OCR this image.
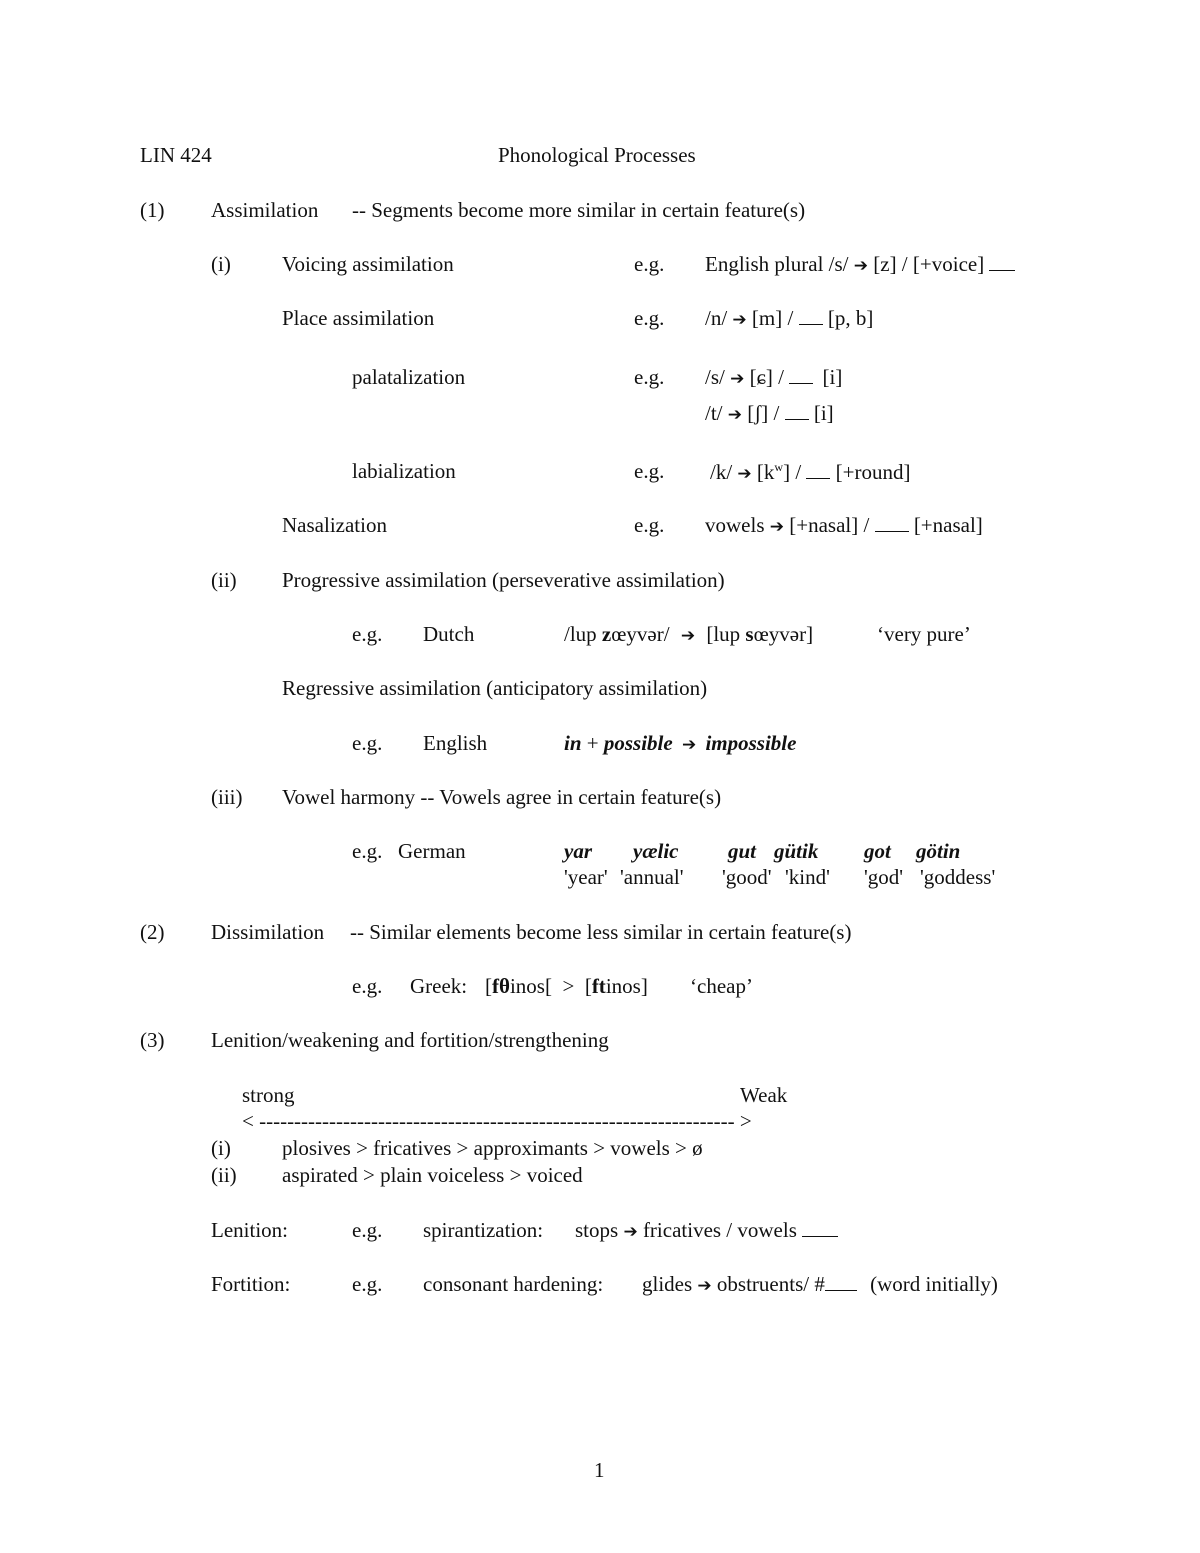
LIN 424	Phonological Processes
(1) Assimilation -- Segments become more similar in certain feature(s)
(i) Voicing assimilation	e.g. English plural /s/ ➔ [z] / [+voice]
Place assimilation	e.g. /n/ ➔ [m] / [p, b]
palatalization	e.g. /s/ ➔ [ɕ] / [i]
/t/ ➔ [ʃ] / [i]
labialization	e.g. /k/ ➔ $[k^w]$ / [+round]
Nasalization	e.g. vowels ➔ [+nasal] / [+nasal]
(ii) Progressive assimilation (perseverative assimilation)
e.g. Dutch	/lup zœyvər/ ➔ [lup sœyvər]	‘very pure’
Regressive assimilation (anticipatory assimilation)
e.g. English	in + possible ➔ impossible
(iii) Vowel harmony -- Vowels agree in certain feature(s)
e.g. German	yar yælic gut gütik got götin
'year' 'annual' 'good' 'kind' 'god' 'goddess'
(2) Dissimilation -- Similar elements become less similar in certain feature(s)
e.g. Greek: [fθinos[ > [ftinos] ‘cheap’
(3) Lenition/weakening and fortition/strengthening
strong	Weak
< -------------------------------------------------------------------- >
(i) plosives > fricatives > approximants > vowels > ø
(ii) aspirated > plain voiceless > voiced
Lenition:	e.g. spirantization: stops ➔ fricatives / vowels
Fortition:	e.g. consonant hardening: glides ➔ obstruents/ # (word initially)
1
